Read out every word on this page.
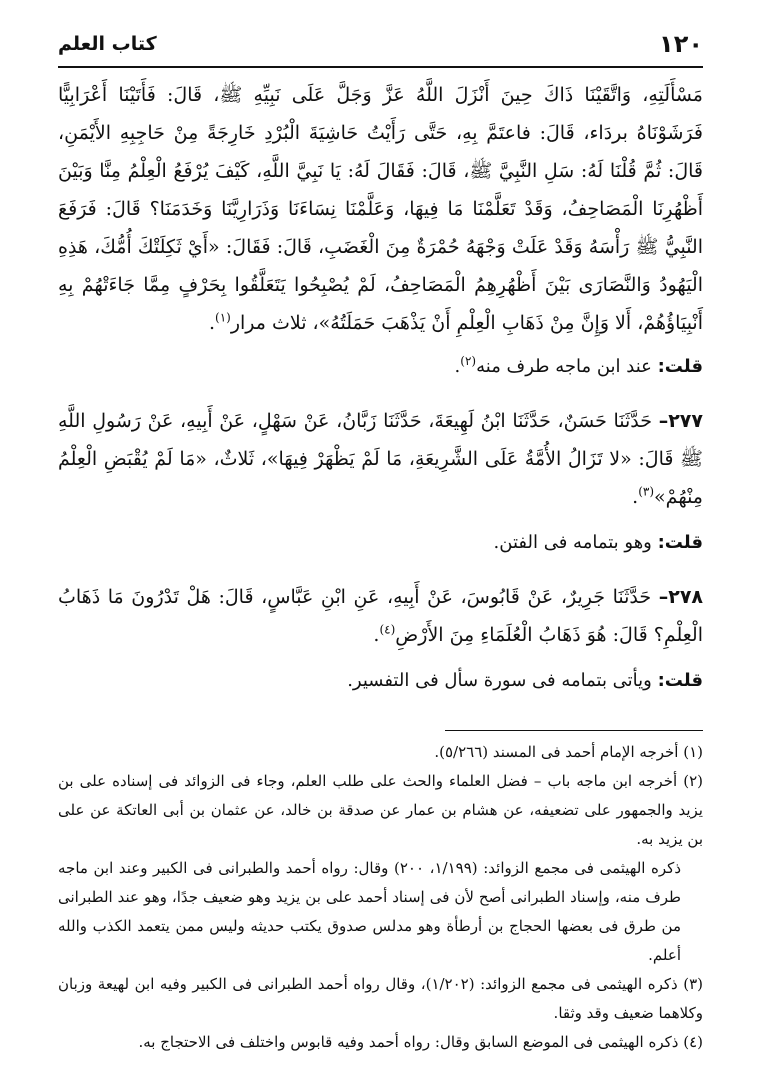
١٢٠
كتاب العلم

مَسْأَلَتِهِ، وَاتَّقَيْنَا ذَاكَ حِينَ أَنْزَلَ اللَّهُ عَزَّ وَجَلَّ عَلَى نَبِيِّهِ ﷺ، قَالَ: فَأَتَيْنَا أَعْرَابِيًّا فَرَشَوْنَاهُ بردَاء، قَالَ: فاعتَمَّ بِهِ، حَتَّى رَأَيْتُ حَاشِيَةَ الْبُرْدِ خَارِجَةً مِنْ حَاجِبِهِ الأَيْمَنِ، قَالَ: ثُمَّ قُلْنَا لَهُ: سَلِ النَّبِيَّ ﷺ، قَالَ: فَقَالَ لَهُ: يَا نَبِيَّ اللَّهِ، كَيْفَ يُرْفَعُ الْعِلْمُ مِنَّا وَبَيْنَ أَظْهُرِنَا الْمَصَاحِفُ، وَقَدْ تَعَلَّمْنَا مَا فِيهَا، وَعَلَّمْنَا نِسَاءَنَا وَذَرَارِيَّنَا وَخَدَمَنَا؟ قَالَ: فَرَفَعَ النَّبِيُّ ﷺ رَأْسَهُ وَقَدْ عَلَتْ وَجْهَهُ حُمْرَةٌ مِنَ الْغَضَبِ، قَالَ: فَقَالَ: «أَيْ ثَكِلَتْكَ أُمُّكَ، هَذِهِ الْيَهُودُ وَالنَّصَارَى بَيْنَ أَظْهُرِهِمُ الْمَصَاحِفُ، لَمْ يُصْبِحُوا يَتَعَلَّقُوا بِحَرْفٍ مِمَّا جَاءَتْهُمْ بِهِ أَنْبِيَاؤُهُمْ، أَلا وَإِنَّ مِنْ ذَهَابِ الْعِلْمِ أَنْ يَذْهَبَ حَمَلَتُهُ»، ثلاث مرار$^{(١)}$.

قلت: عند ابن ماجه طرف منه$^{(٢)}$.

٢٧٧– حَدَّثَنَا حَسَنٌ، حَدَّثَنَا ابْنُ لَهِيعَةَ، حَدَّثَنَا زَبَّانُ، عَنْ سَهْلٍ، عَنْ أَبِيهِ، عَنْ رَسُولِ اللَّهِ ﷺ قَالَ: «لا تَزَالُ الأُمَّةُ عَلَى الشَّرِيعَةِ، مَا لَمْ يَظْهَرْ فِيهَا»، ثَلاثٌ، «مَا لَمْ يُقْبَضِ الْعِلْمُ مِنْهُمْ»$^{(٣)}$.

قلت: وهو بتمامه فى الفتن.

٢٧٨– حَدَّثَنَا جَرِيرٌ، عَنْ قَابُوسَ، عَنْ أَبِيهِ، عَنِ ابْنِ عَبَّاسٍ، قَالَ: هَلْ تَدْرُونَ مَا ذَهَابُ الْعِلْمِ؟ قَالَ: هُوَ ذَهَابُ الْعُلَمَاءِ مِنَ الأَرْضِ$^{(٤)}$.

قلت: ويأتى بتمامه فى سورة سأل فى التفسير.

(١) أخرجه الإمام أحمد فى المسند (٥/٢٦٦).

(٢) أخرجه ابن ماجه باب – فضل العلماء والحث على طلب العلم، وجاء فى الزوائد فى إسناده على بن يزيد والجمهور على تضعيفه، عن هشام بن عمار عن صدقة بن خالد، عن عثمان بن أبى العاتكة عن على بن يزيد به.

ذكره الهيثمى فى مجمع الزوائد: (١/١٩٩، ٢٠٠) وقال: رواه أحمد والطبرانى فى الكبير وعند ابن ماجه طرف منه، وإسناد الطبرانى أصح لأن فى إسناد أحمد على بن يزيد وهو ضعيف جدًا، وهو عند الطبرانى من طرق فى بعضها الحجاج بن أرطأة وهو مدلس صدوق يكتب حديثه وليس ممن يتعمد الكذب والله أعلم.

(٣) ذكره الهيثمى فى مجمع الزوائد: (١/٢٠٢)، وقال رواه أحمد الطبرانى فى الكبير وفيه ابن لهيعة وزبان وكلاهما ضعيف وقد وثقا.

(٤) ذكره الهيثمى فى الموضع السابق وقال: رواه أحمد وفيه قابوس واختلف فى الاحتجاج به.
